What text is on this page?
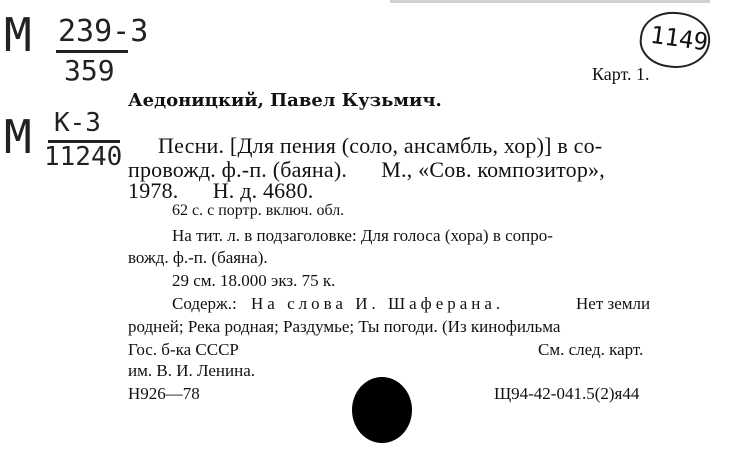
М 239-3
359
М К-3
11240
1149
Карт. 1.
Аедоницкий, Павел Кузьмич.
Песни. [Для пения (соло, ансамбль, хор)] в со-
провожд. ф.-п. (баяна).      М., «Сов. композитор»,
1978.      Н. д. 4680.
62 с. с портр. включ. обл.
На тит. л. в подзаголовке: Для голоса (хора) в сопро-
вожд. ф.-п. (баяна).
29 см. 18.000 экз. 75 к.
Содерж.: На слова И. Шаферана.	Нет земли
родней; Река родная; Раздумье; Ты погоди. (Из кинофильма
Гос. б-ка СССР	См. след. карт.
им. В. И. Ленина.
Н926—78	Щ94-42-041.5(2)я44
